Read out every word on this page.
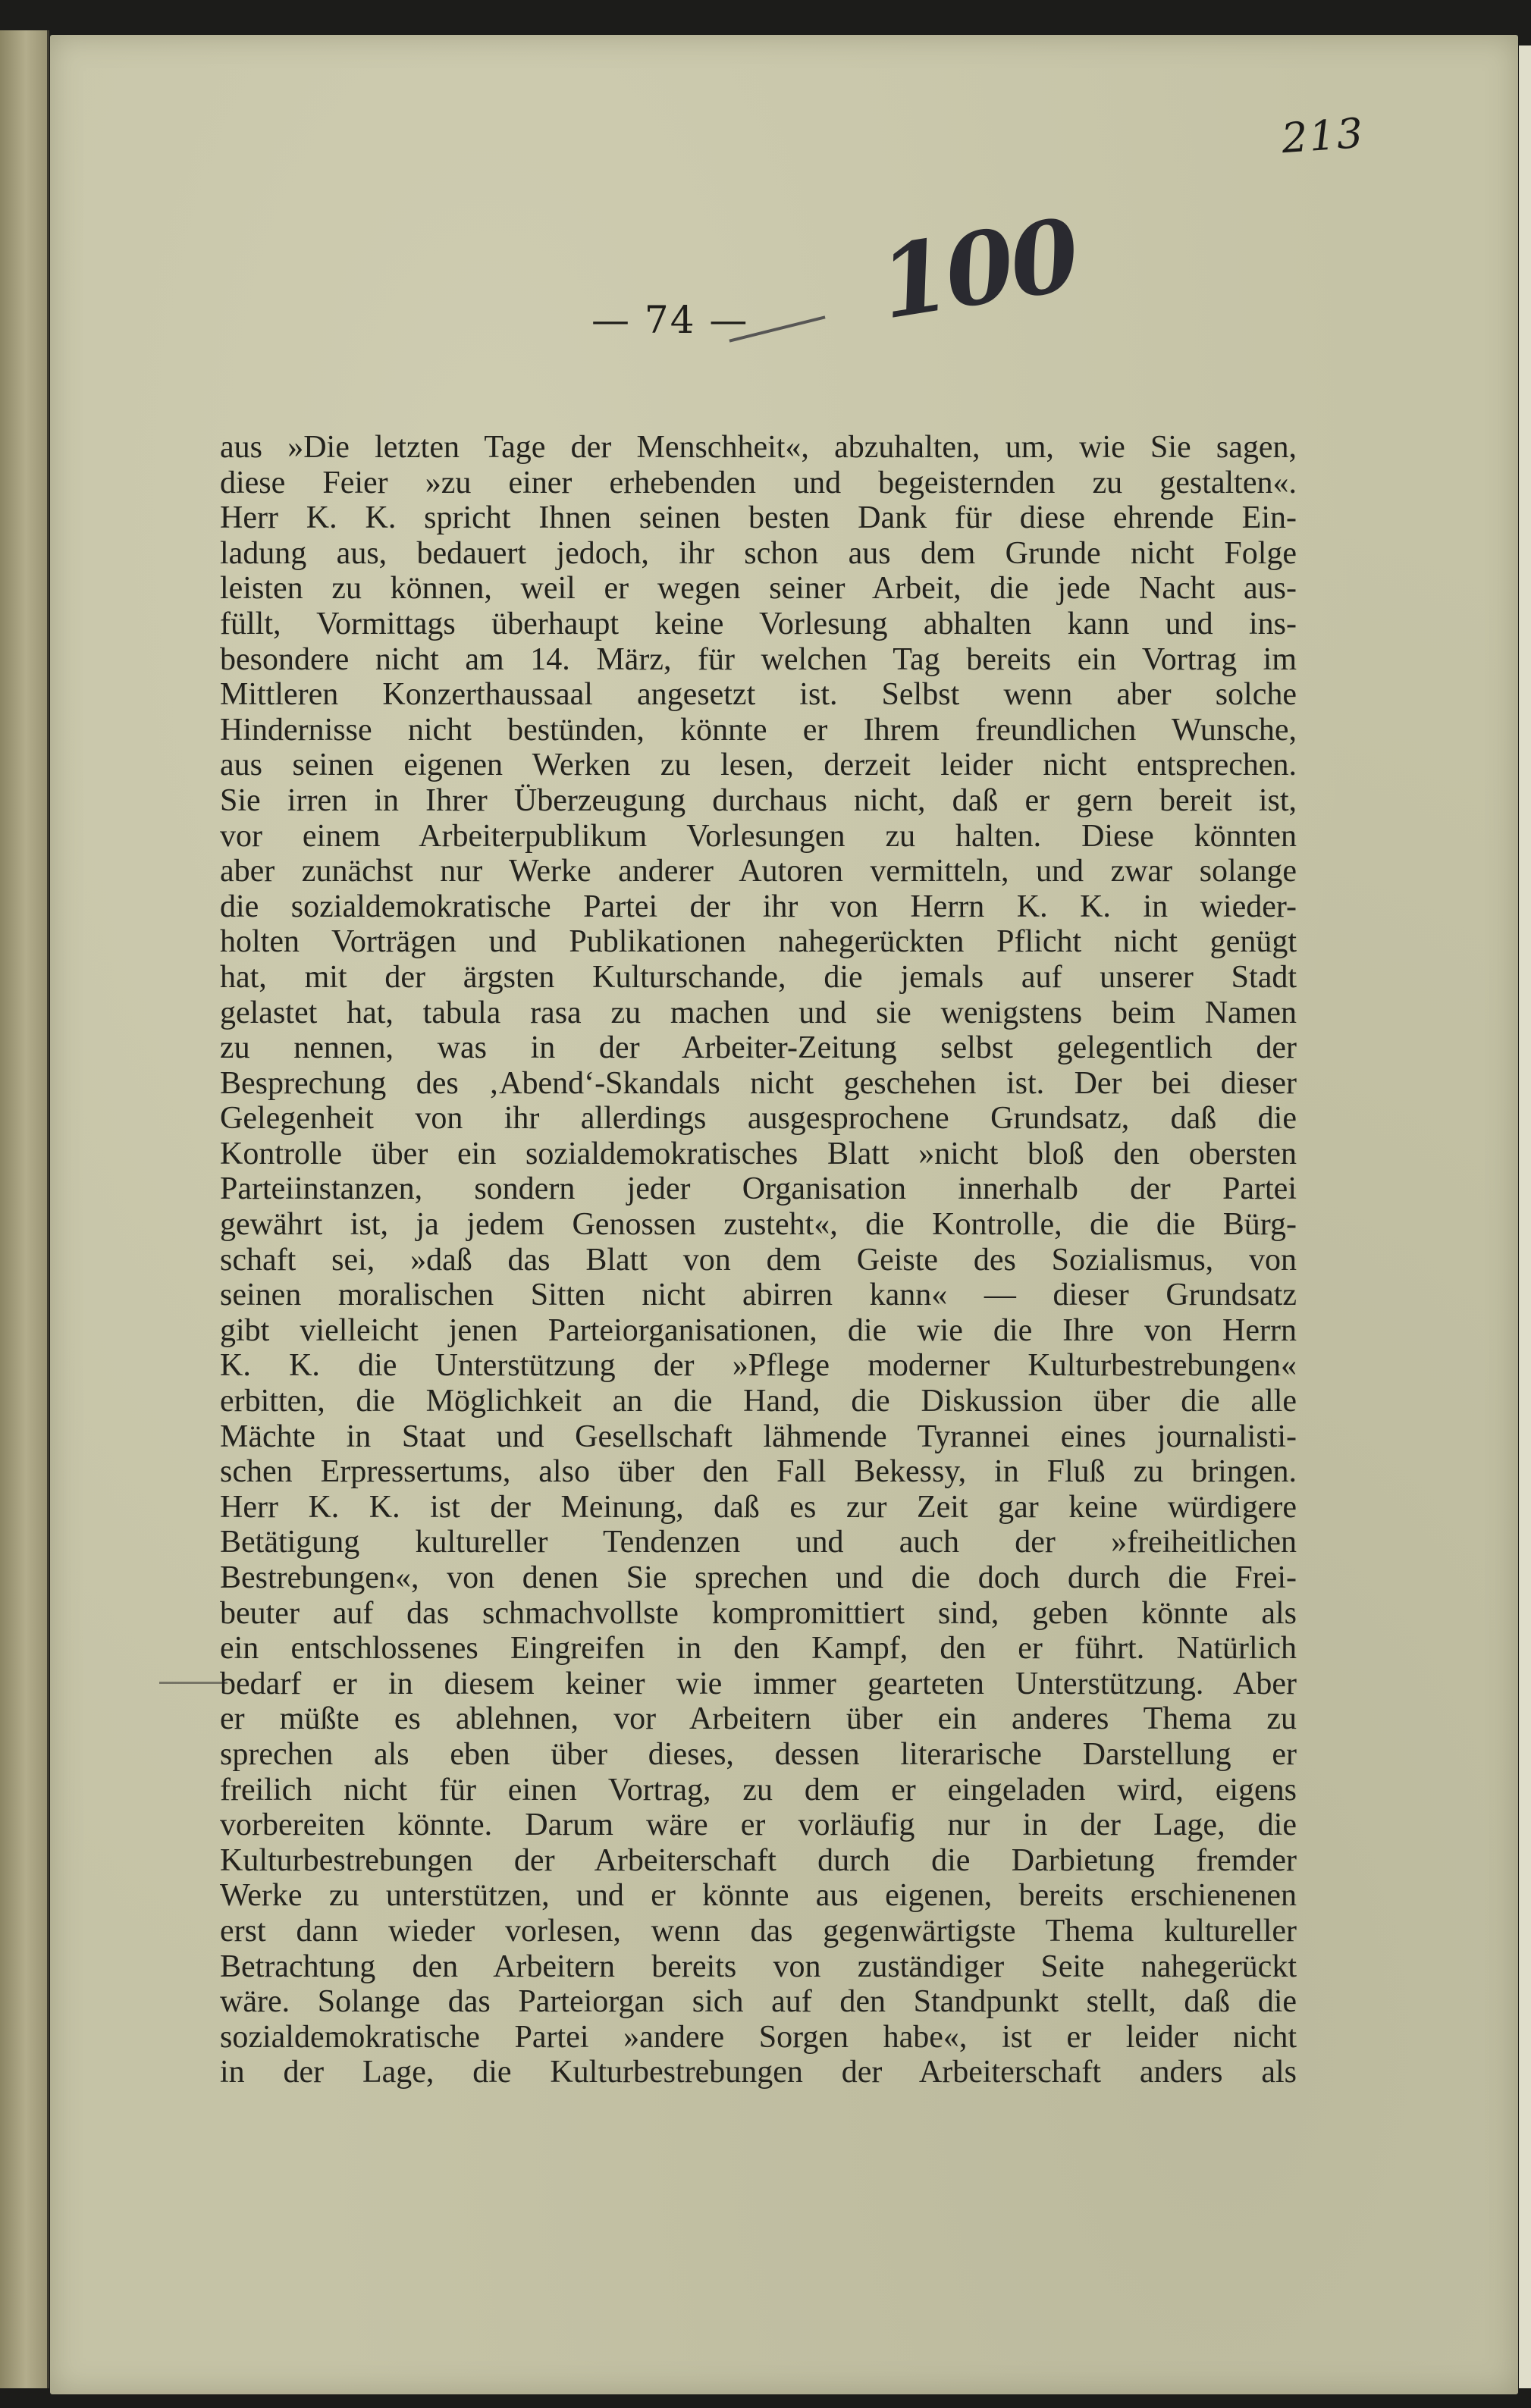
213
100
— 74 —
aus »Die letzten Tage der Menschheit«, abzuhalten, um, wie Sie sagen,
diese Feier »zu einer erhebenden und begeisternden zu gestalten«.
Herr K. K. spricht Ihnen seinen besten Dank für diese ehrende Ein-
ladung aus, bedauert jedoch, ihr schon aus dem Grunde nicht Folge
leisten zu können, weil er wegen seiner Arbeit, die jede Nacht aus-
füllt, Vormittags überhaupt keine Vorlesung abhalten kann und ins-
besondere nicht am 14. März, für welchen Tag bereits ein Vortrag im
Mittleren Konzerthaussaal angesetzt ist. Selbst wenn aber solche
Hindernisse nicht bestünden, könnte er Ihrem freundlichen Wunsche,
aus seinen eigenen Werken zu lesen, derzeit leider nicht entsprechen.
Sie irren in Ihrer Überzeugung durchaus nicht, daß er gern bereit ist,
vor einem Arbeiterpublikum Vorlesungen zu halten. Diese könnten
aber zunächst nur Werke anderer Autoren vermitteln, und zwar solange
die sozialdemokratische Partei der ihr von Herrn K. K. in wieder-
holten Vorträgen und Publikationen nahegerückten Pflicht nicht genügt
hat, mit der ärgsten Kulturschande, die jemals auf unserer Stadt
gelastet hat, tabula rasa zu machen und sie wenigstens beim Namen
zu nennen, was in der Arbeiter-Zeitung selbst gelegentlich der
Besprechung des ‚Abend‘-Skandals nicht geschehen ist. Der bei dieser
Gelegenheit von ihr allerdings ausgesprochene Grundsatz, daß die
Kontrolle über ein sozialdemokratisches Blatt »nicht bloß den obersten
Parteiinstanzen, sondern jeder Organisation innerhalb der Partei
gewährt ist, ja jedem Genossen zusteht«, die Kontrolle, die die Bürg-
schaft sei, »daß das Blatt von dem Geiste des Sozialismus, von
seinen moralischen Sitten nicht abirren kann« — dieser Grundsatz
gibt vielleicht jenen Parteiorganisationen, die wie die Ihre von Herrn
K. K. die Unterstützung der »Pflege moderner Kulturbestrebungen«
erbitten, die Möglichkeit an die Hand, die Diskussion über die alle
Mächte in Staat und Gesellschaft lähmende Tyrannei eines journalisti-
schen Erpressertums, also über den Fall Bekessy, in Fluß zu bringen.
Herr K. K. ist der Meinung, daß es zur Zeit gar keine würdigere
Betätigung kultureller Tendenzen und auch der »freiheitlichen
Bestrebungen«, von denen Sie sprechen und die doch durch die Frei-
beuter auf das schmachvollste kompromittiert sind, geben könnte als
ein entschlossenes Eingreifen in den Kampf, den er führt. Natürlich
bedarf er in diesem keiner wie immer gearteten Unterstützung. Aber
er müßte es ablehnen, vor Arbeitern über ein anderes Thema zu
sprechen als eben über dieses, dessen literarische Darstellung er
freilich nicht für einen Vortrag, zu dem er eingeladen wird, eigens
vorbereiten könnte. Darum wäre er vorläufig nur in der Lage, die
Kulturbestrebungen der Arbeiterschaft durch die Darbietung fremder
Werke zu unterstützen, und er könnte aus eigenen, bereits erschienenen
erst dann wieder vorlesen, wenn das gegenwärtigste Thema kultureller
Betrachtung den Arbeitern bereits von zuständiger Seite nahegerückt
wäre. Solange das Parteiorgan sich auf den Standpunkt stellt, daß die
sozialdemokratische Partei »andere Sorgen habe«, ist er leider nicht
in der Lage, die Kulturbestrebungen der Arbeiterschaft anders als
